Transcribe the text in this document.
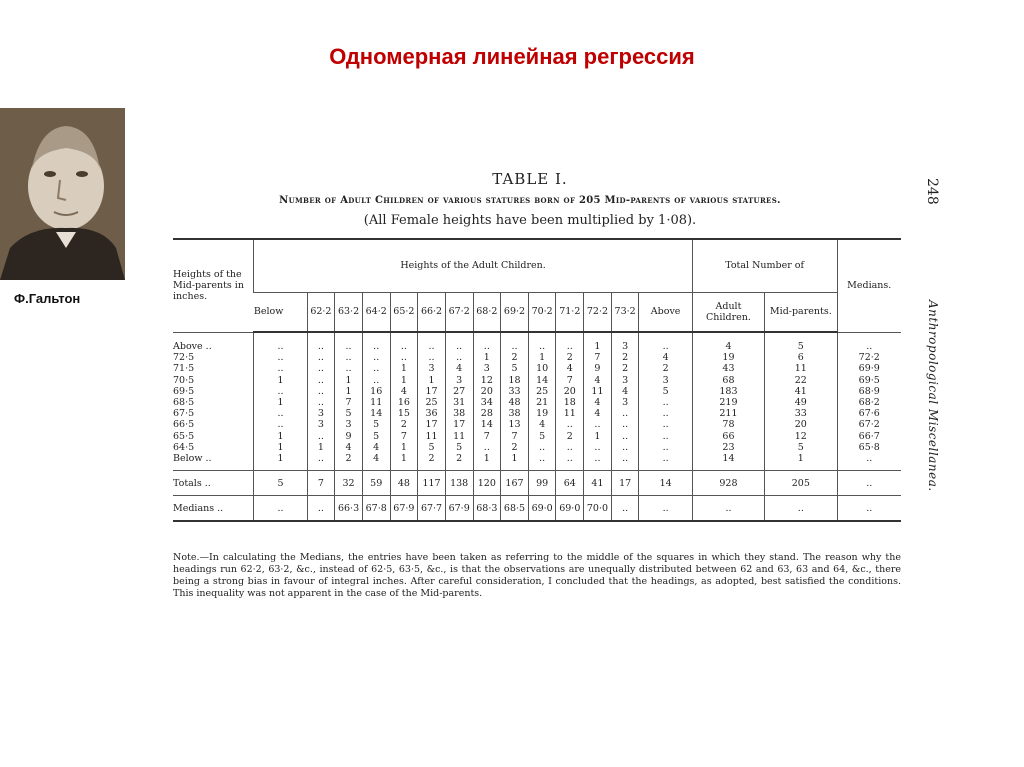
Одномерная линейная регрессия
Ф.Гальтон
TABLE I.
Number of Adult Children of various statures born of 205 Mid-parents of various statures.
(All Female heights have been multiplied by 1·08).
248
Anthropological Miscellanea.
Heights of the Mid-parents in inches.	Heights of the Adult Children.														Total Number of		Medians.
	Below	62·2	63·2	64·2	65·2	66·2	67·2	68·2	69·2	70·2	71·2	72·2	73·2	Above	Adult Children.	Mid-parents.	
Above ..	..	..	..	..	..	..	..	..	..	..	..	1	3	..	4	5	..
72·5	..	..	..	..	..	..	..	1	2	1	2	7	2	4	19	6	72·2
71·5	..	..	..	..	1	3	4	3	5	10	4	9	2	2	43	11	69·9
70·5	1	..	1	..	1	1	3	12	18	14	7	4	3	3	68	22	69·5
69·5	..	..	1	16	4	17	27	20	33	25	20	11	4	5	183	41	68·9
68·5	1	..	7	11	16	25	31	34	48	21	18	4	3	..	219	49	68·2
67·5	..	3	5	14	15	36	38	28	38	19	11	4	..	..	211	33	67·6
66·5	..	3	3	5	2	17	17	14	13	4	..	..	..	..	78	20	67·2
65·5	1	..	9	5	7	11	11	7	7	5	2	1	..	..	66	12	66·7
64·5	1	1	4	4	1	5	5	..	2	..	..	..	..	..	23	5	65·8
Below ..	1	..	2	4	1	2	2	1	1	..	..	..	..	..	14	1	..
Totals ..	5	7	32	59	48	117	138	120	167	99	64	41	17	14	928	205	..
Medians ..	..	..	66·3	67·8	67·9	67·7	67·9	68·3	68·5	69·0	69·0	70·0	..	..	..	..	..
Note.—In calculating the Medians, the entries have been taken as referring to the middle of the squares in which they stand. The reason why the headings run 62·2, 63·2, &c., instead of 62·5, 63·5, &c., is that the observations are unequally distributed between 62 and 63, 63 and 64, &c., there being a strong bias in favour of integral inches. After careful consideration, I concluded that the headings, as adopted, best satisfied the conditions. This inequality was not apparent in the case of the Mid-parents.
